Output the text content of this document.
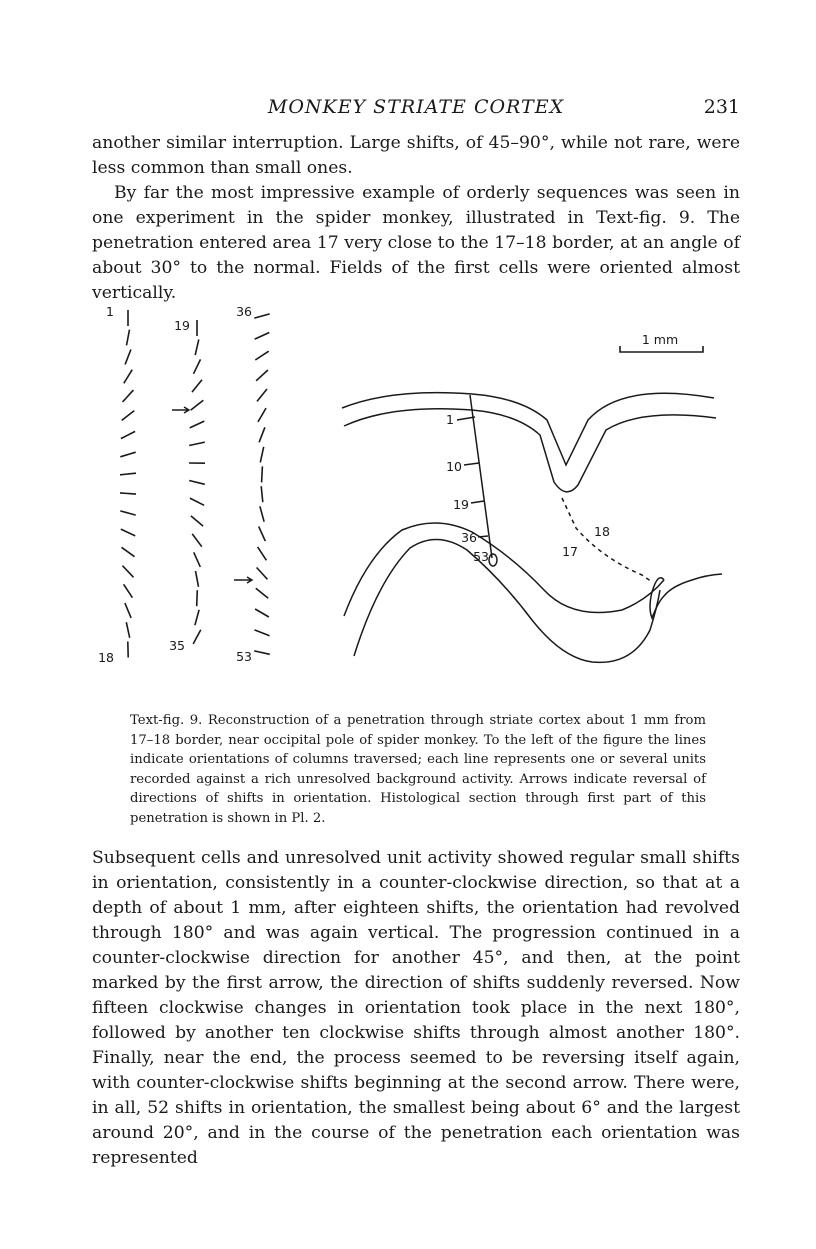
MONKEY STRIATE CORTEX	231

another similar interruption. Large shifts, of 45–90°, while not rare, were less common than small ones.

By far the most impressive example of orderly sequences was seen in one experiment in the spider monkey, illustrated in Text-fig. 9. The penetration entered area 17 very close to the 17–18 border, at an angle of about 30° to the normal. Fields of the first cells were oriented almost vertically.

1
18
19
35
36
53
1 mm
1
10
19
36
53	17
18

Text-fig. 9. Reconstruction of a penetration through striate cortex about 1 mm from 17–18 border, near occipital pole of spider monkey. To the left of the figure the lines indicate orientations of columns traversed; each line represents one or several units recorded against a rich unresolved background activity. Arrows indicate reversal of directions of shifts in orientation. Histological section through first part of this penetration is shown in Pl. 2.

Subsequent cells and unresolved unit activity showed regular small shifts in orientation, consistently in a counter-clockwise direction, so that at a depth of about 1 mm, after eighteen shifts, the orientation had revolved through 180° and was again vertical. The progression continued in a counter-clockwise direction for another 45°, and then, at the point marked by the first arrow, the direction of shifts suddenly reversed. Now fifteen clockwise changes in orientation took place in the next 180°, followed by another ten clockwise shifts through almost another 180°. Finally, near the end, the process seemed to be reversing itself again, with counter-clockwise shifts beginning at the second arrow. There were, in all, 52 shifts in orientation, the smallest being about 6° and the largest around 20°, and in the course of the penetration each orientation was represented
